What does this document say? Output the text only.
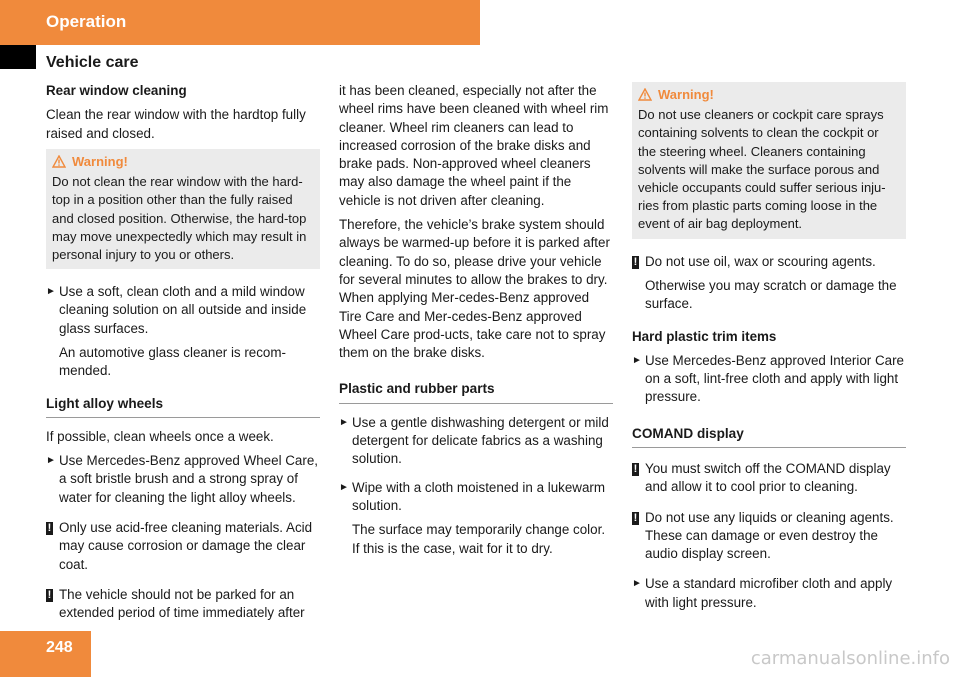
Operation
Vehicle care

Rear window cleaning

Clean the rear window with the hardtop fully raised and closed.

Warning!
Do not clean the rear window with the hard-top in a position other than the fully raised and closed position. Otherwise, the hard-top may move unexpectedly which may result in personal injury to you or others.
► Use a soft, clean cloth and a mild window cleaning solution on all outside and inside glass surfaces.
An automotive glass cleaner is recom-mended.
Light alloy wheels

If possible, clean wheels once a week.

► Use Mercedes-Benz approved Wheel Care, a soft bristle brush and a strong spray of water for cleaning the light alloy wheels.
! Only use acid-free cleaning materials. Acid may cause corrosion or damage the clear coat.
! The vehicle should not be parked for an extended period of time immediately after

it has been cleaned, especially not after the wheel rims have been cleaned with wheel rim cleaner. Wheel rim cleaners can lead to increased corrosion of the brake disks and brake pads. Non-approved wheel cleaners may also damage the wheel paint if the vehicle is not driven after cleaning.

Therefore, the vehicle’s brake system should always be warmed-up before it is parked after cleaning. To do so, please drive your vehicle for several minutes to allow the brakes to dry. When applying Mer-cedes-Benz approved Tire Care and Mer-cedes-Benz approved Wheel Care prod-ucts, take care not to spray them on the brake disks.

Plastic and rubber parts
► Use a gentle dishwashing detergent or mild detergent for delicate fabrics as a washing solution.
► Wipe with a cloth moistened in a lukewarm solution.
The surface may temporarily change color. If this is the case, wait for it to dry.
Warning!
Do not use cleaners or cockpit care sprays containing solvents to clean the cockpit or the steering wheel. Cleaners containing solvents will make the surface porous and vehicle occupants could suffer serious inju-ries from plastic parts coming loose in the event of air bag deployment.
! Do not use oil, wax or scouring agents.
Otherwise you may scratch or damage the surface.

Hard plastic trim items

► Use Mercedes-Benz approved Interior Care on a soft, lint-free cloth and apply with light pressure.
COMAND display
! You must switch off the COMAND display and allow it to cool prior to cleaning.
! Do not use any liquids or cleaning agents. These can damage or even destroy the audio display screen.
► Use a standard microfiber cloth and apply with light pressure.
248
carmanualsonline.info
